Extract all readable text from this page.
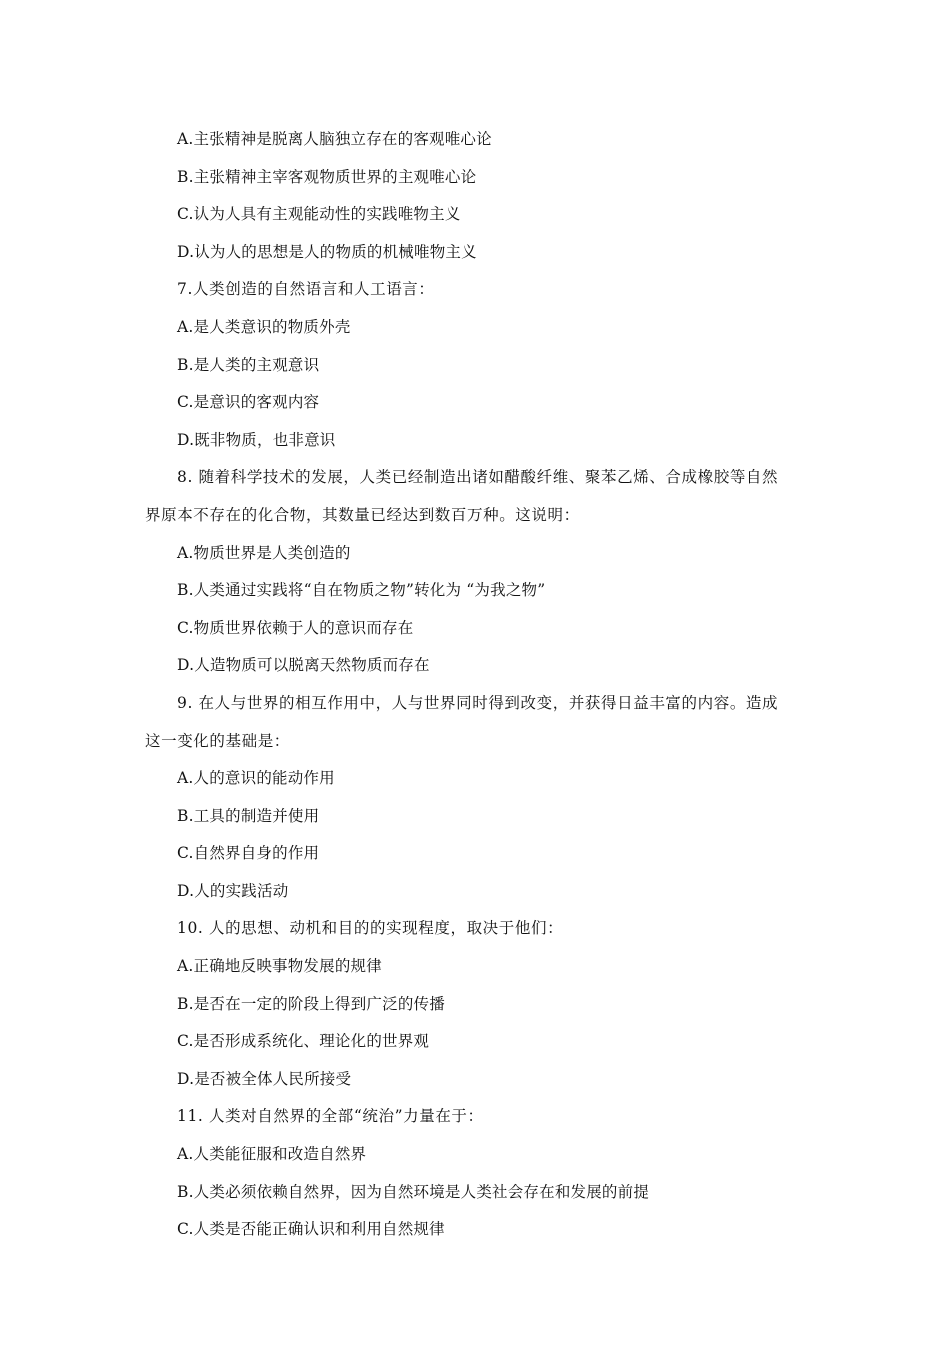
A.主张精神是脱离人脑独立存在的客观唯心论
B.主张精神主宰客观物质世界的主观唯心论
C.认为人具有主观能动性的实践唯物主义
D.认为人的思想是人的物质的机械唯物主义
7.人类创造的自然语言和人工语言：
A.是人类意识的物质外壳
B.是人类的主观意识
C.是意识的客观内容
D.既非物质，也非意识
8. 随着科学技术的发展，人类已经制造出诸如醋酸纤维、聚苯乙烯、合成橡胶等自然
界原本不存在的化合物，其数量已经达到数百万种。这说明：
A.物质世界是人类创造的
B.人类通过实践将“自在物质之物”转化为 “为我之物”
C.物质世界依赖于人的意识而存在
D.人造物质可以脱离天然物质而存在
9. 在人与世界的相互作用中，人与世界同时得到改变，并获得日益丰富的内容。造成
这一变化的基础是：
A.人的意识的能动作用
B.工具的制造并使用
C.自然界自身的作用
D.人的实践活动
10. 人的思想、动机和目的的实现程度，取决于他们：
A.正确地反映事物发展的规律
B.是否在一定的阶段上得到广泛的传播
C.是否形成系统化、理论化的世界观
D.是否被全体人民所接受
11. 人类对自然界的全部“统治”力量在于：
A.人类能征服和改造自然界
B.人类必须依赖自然界，因为自然环境是人类社会存在和发展的前提
C.人类是否能正确认识和利用自然规律
